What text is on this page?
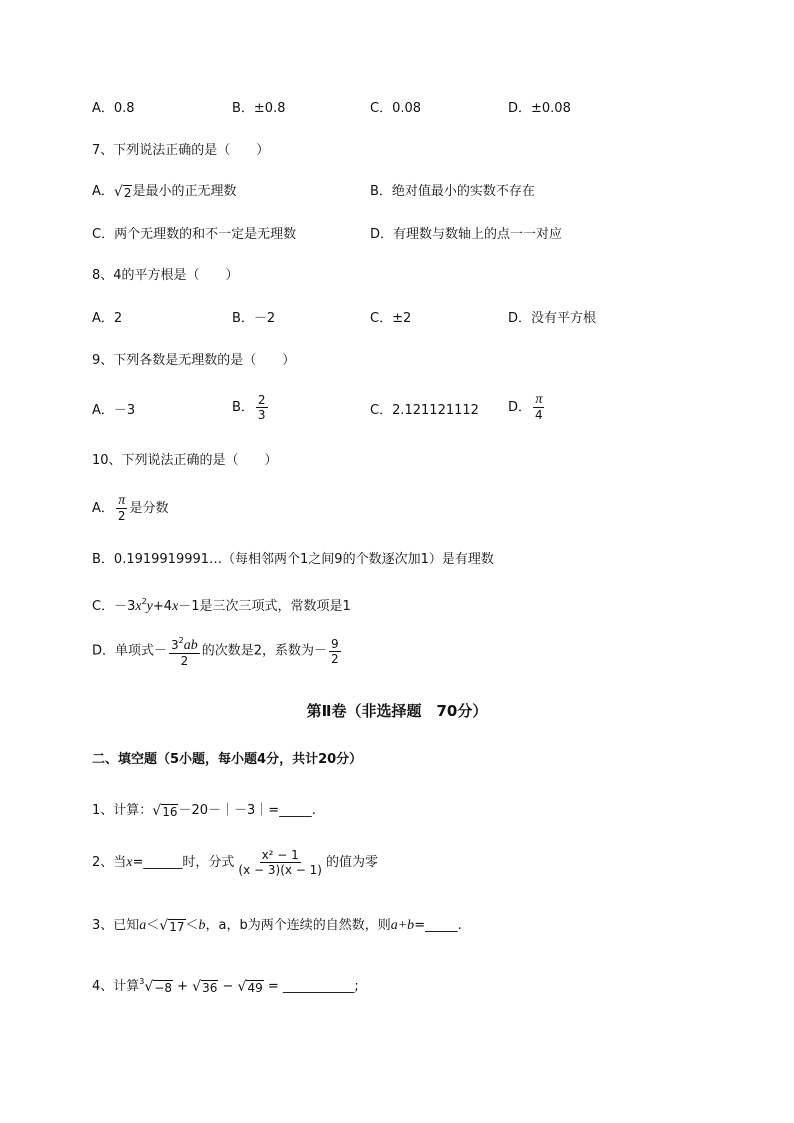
A．0.8	B．±0.8	C．0.08	D．±0.08
7、下列说法正确的是（　　）
A． √ 2 是最小的正无理数	B．绝对值最小的实数不存在
C．两个无理数的和不一定是无理数	D．有理数与数轴上的点一一对应
8、4的平方根是（　　）
A．2	B．－2	C．±2	D．没有平方根
9、下列各数是无理数的是（　　）
A．－3	B． $\frac{2}{3}$	C．2.121121112 D． $\frac{\pi}{4}$
10、下列说法正确的是（　　）
A． $\frac{\pi}{2}$ 是分数
B．0.1919919991…（每相邻两个1之间9的个数逐次加1）是有理数
C．$-3x^2y+4x-1$是三次三项式，常数项是1
D．单项式－ $\frac{3^2ab}{2}$ 的次数是2，系数为－ $\frac{9}{2}$
第Ⅱ卷（非选择题　70分）
二、填空题（5小题，每小题4分，共计20分）
1、计算： √ 16 －20－｜－3｜=_____.
2、当x=______时，分式 $\frac{\text{x² − 1}}{(x - 3)(x - 1)}$ 的值为零
3、已知a＜ √ 17 ＜b，a，b为两个连续的自然数，则a+b=_____.
4、计算$^3$ √ −8 + √ 36 − √ 49 = ___________;
